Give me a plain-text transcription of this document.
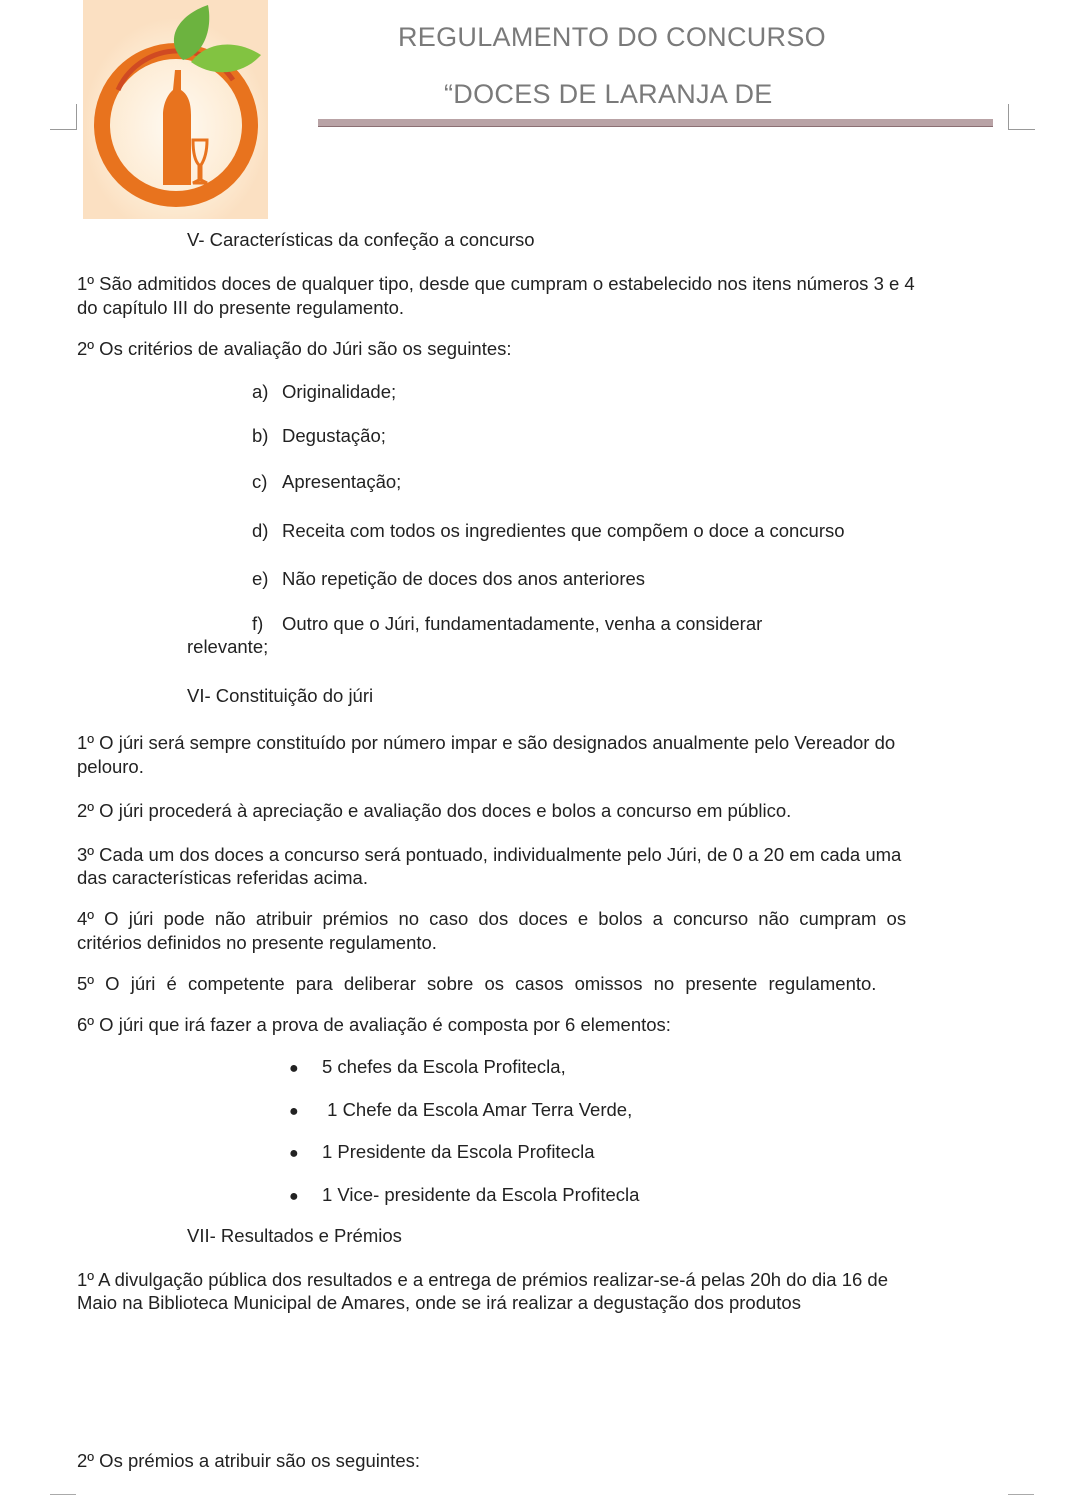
REGULAMENTO DO CONCURSO
“DOCES DE LARANJA DE
V- Características da confeção a concurso
1º São admitidos doces de qualquer tipo, desde que cumpram o estabelecido nos itens números 3 e 4
do capítulo III do presente regulamento.
2º Os critérios de avaliação do Júri são os seguintes:
a) Originalidade;
b) Degustação;
c) Apresentação;
d) Receita com todos os ingredientes que compõem o doce a concurso
e) Não repetição de doces dos anos anteriores
f) Outro que o Júri, fundamentadamente, venha a considerar
relevante;
VI- Constituição do júri
1º O júri será sempre constituído por número impar e são designados anualmente pelo Vereador do
pelouro.
2º O júri procederá à apreciação e avaliação dos doces e bolos a concurso em público.
3º Cada um dos doces a concurso será pontuado, individualmente pelo Júri, de 0 a 20 em cada uma
das características referidas acima.
4º O júri pode não atribuir prémios no caso dos doces e bolos a concurso não cumpram os
critérios definidos no presente regulamento.
5º O júri é competente para deliberar sobre os casos omissos no presente regulamento.
6º O júri que irá fazer a prova de avaliação é composta por 6 elementos:
● 5 chefes da Escola Profitecla,
● 1 Chefe da Escola Amar Terra Verde,
● 1 Presidente da Escola Profitecla
● 1 Vice- presidente da Escola Profitecla
VII- Resultados e Prémios
1º A divulgação pública dos resultados e a entrega de prémios realizar-se-á pelas 20h do dia 16 de
Maio na Biblioteca Municipal de Amares, onde se irá realizar a degustação dos produtos
2º Os prémios a atribuir são os seguintes:
